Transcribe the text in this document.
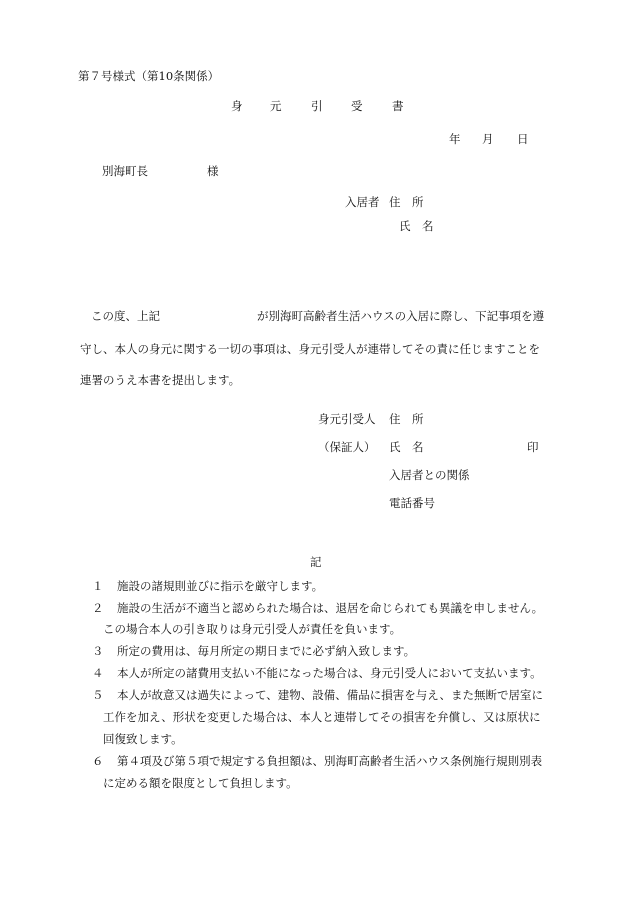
第７号様式（第10条関係）
身 元	引 受	書
年 月 日
別海町長	様
入居者 住　所
氏　名
この度、上記	が別海町高齢者生活ハウスの入居に際し、下記事項を遵
守し、本人の身元に関する一切の事項は、身元引受人が連帯してその責に任じますことを
連署のうえ本書を提出します。
身元引受人 住　所
（保証人） 氏　名	印
入居者との関係
電話番号
記
１ 施設の諸規則並びに指示を厳守します。
２ 施設の生活が不適当と認められた場合は、退居を命じられても異議を申しません。
この場合本人の引き取りは身元引受人が責任を負います。
３ 所定の費用は、毎月所定の期日までに必ず納入致します。
４ 本人が所定の諸費用支払い不能になった場合は、身元引受人において支払います。
５ 本人が故意又は過失によって、建物、設備、備品に損害を与え、また無断で居室に
工作を加え、形状を変更した場合は、本人と連帯してその損害を弁償し、又は原状に
回復致します。
６ 第４項及び第５項で規定する負担額は、別海町高齢者生活ハウス条例施行規則別表
に定める額を限度として負担します。
